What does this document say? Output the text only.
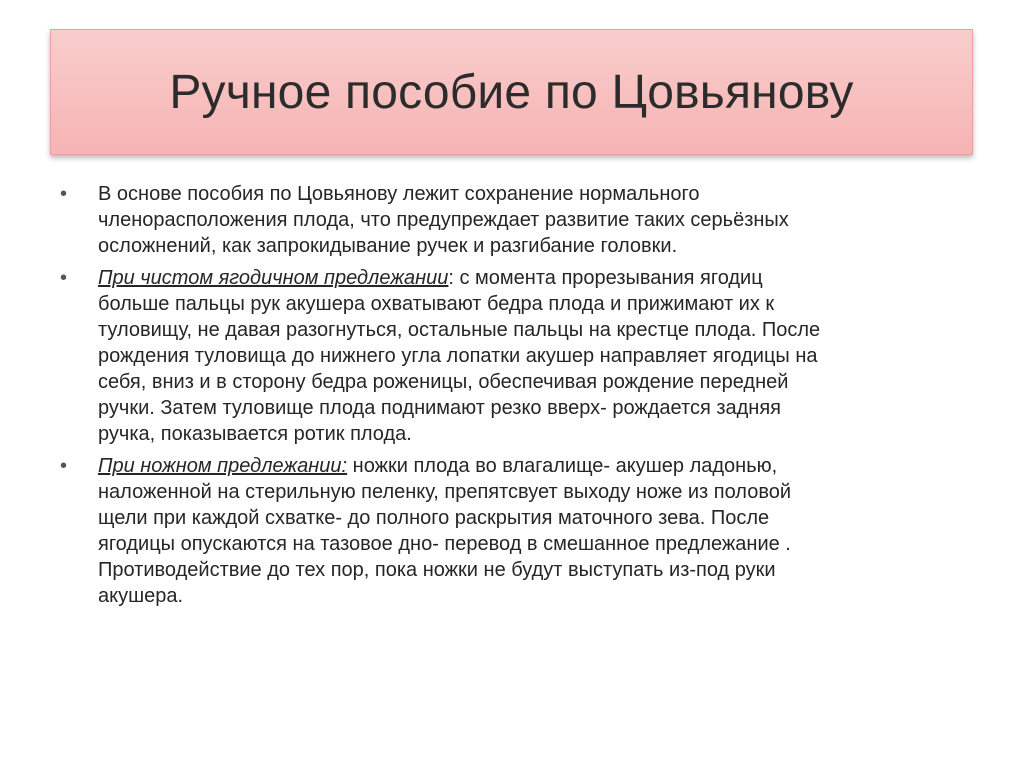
Ручное пособие по Цовьянову
• В основе пособия по Цовьянову лежит сохранение нормального
членорасположения плода, что предупреждает развитие таких серьёзных
осложнений, как запрокидывание ручек и разгибание головки.
• При чистом ягодичном предлежании: с момента прорезывания ягодиц
больше пальцы рук акушера охватывают бедра плода и прижимают их к
туловищу, не давая разогнуться, остальные пальцы на крестце плода. После
рождения туловища до нижнего угла лопатки акушер направляет ягодицы на
себя, вниз и в сторону бедра роженицы, обеспечивая рождение передней
ручки. Затем туловище плода поднимают резко вверх- рождается задняя
ручка, показывается ротик плода.
• При ножном предлежании: ножки плода во влагалище- акушер ладонью,
наложенной на стерильную пеленку, препятсвует выходу ноже из половой
щели при каждой схватке- до полного раскрытия маточного зева. После
ягодицы опускаются на тазовое дно- перевод в смешанное предлежание .
Противодействие до тех пор, пока ножки не будут выступать из-под руки
акушера.
